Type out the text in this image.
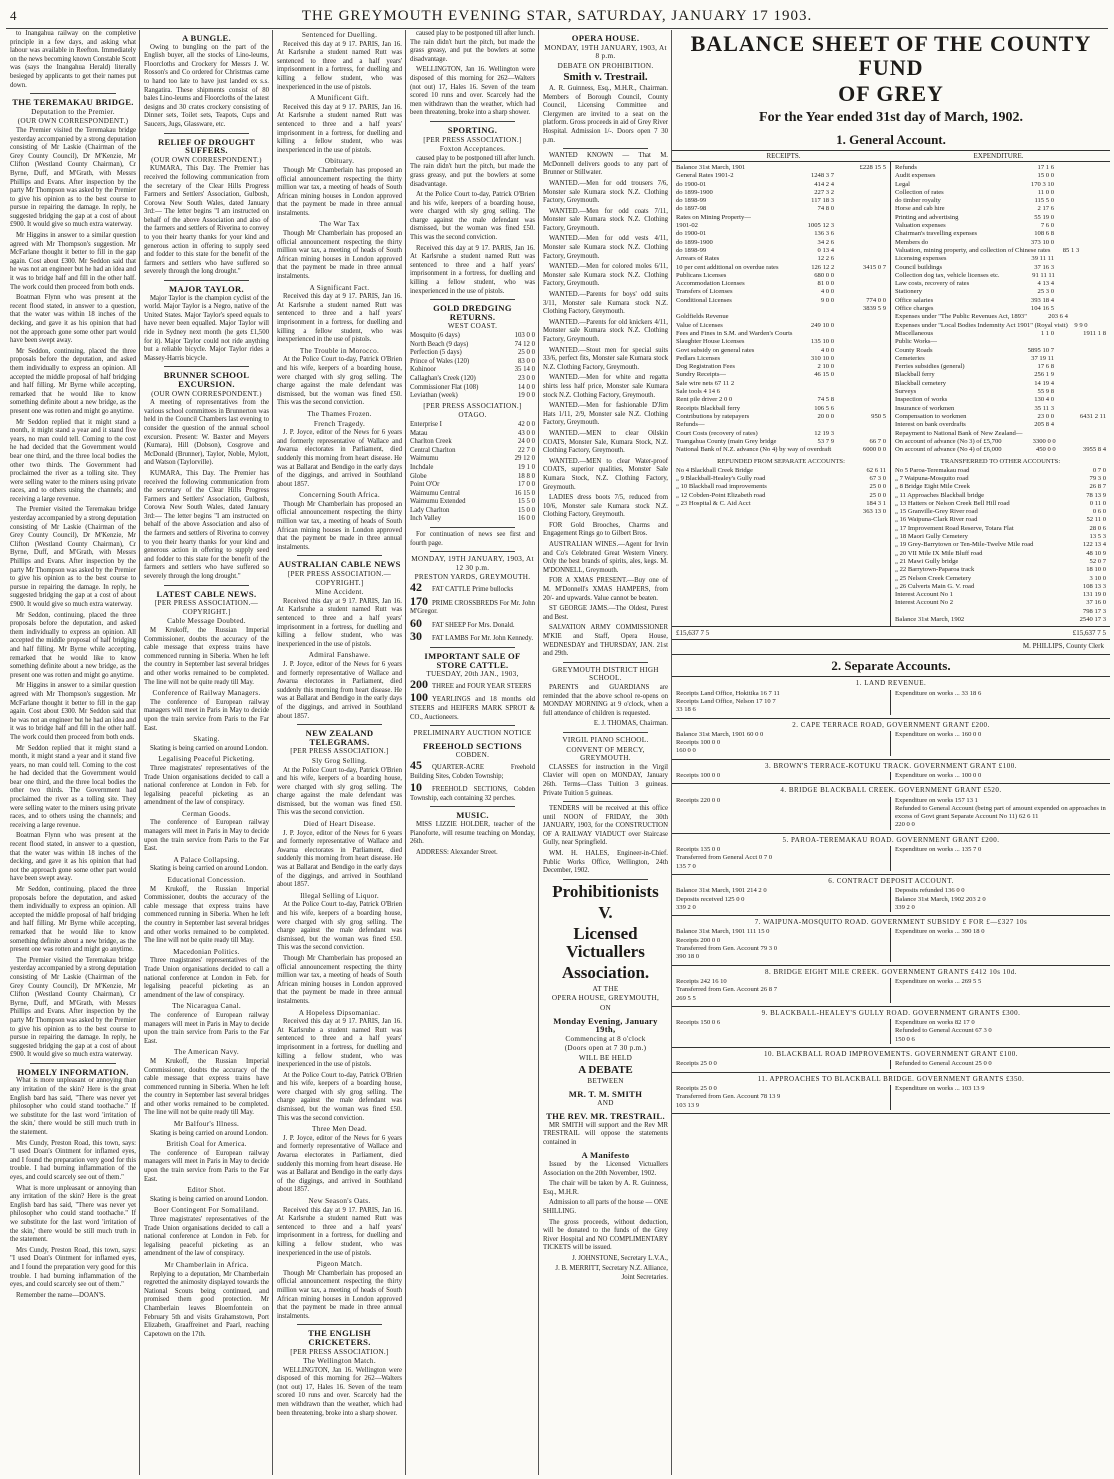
4	THE GREYMOUTH EVENING STAR, SATURDAY, JANUARY 17 1903.

to Inangahua railway on the completive principle in a few days, and asking what labour was available in Reefton. Immediately on the news becoming known Constable Scott was (says the Inangahua Herald) literally besieged by applicants to get their names put down.

THE TEREMAKAU BRIDGE.
Deputation to the Premier.
(OUR OWN CORRESPONDENT.)

The Premier visited the Teremakau bridge yesterday accompanied by a strong deputation consisting of Mr Laskie (Chairman of the Grey County Council), Dr M'Kenzie, Mr Clifton (Westland County Chairman), Cr Byrne, Duff, and M'Grath, with Messrs Phillips and Evans. After inspection by the party Mr Thompson was asked by the Premier to give his opinion as to the best course to pursue in repairing the damage. In reply, he suggested bridging the gap at a cost of about £900. It would give so much extra waterway.

Mr Higgins in answer to a similar question agreed with Mr Thompson's suggestion. Mr McFarlane thought it better to fill in the gap again. Cost about £300. Mr Seddon said that he was not an engineer but he had an idea and it was to bridge half and fill in the other half. The work could then proceed from both ends.

Boatman Flynn who was present at the recent flood stated, in answer to a question, that the water was within 18 inches of the decking, and gave it as his opinion that had not the approach gone some other part would have been swept away.

Mr Seddon, continuing, placed the three proposals before the deputation, and asked them individually to express an opinion. All accepted the middle proposal of half bridging and half filling. Mr Byrne while accepting, remarked that he would like to know something definite about a new bridge, as the present one was rotten and might go anytime.

Mr Seddon replied that it might stand a month, it might stand a year and it stand five years, no man could tell. Coming to the cost he had decided that the Government would bear one third, and the three local bodies the other two thirds. The Government had proclaimed the river as a tolling site. They were selling water to the miners using private races, and to others using the channels; and receiving a large revenue.

The Premier visited the Teremakau bridge yesterday accompanied by a strong deputation consisting of Mr Laskie (Chairman of the Grey County Council), Dr M'Kenzie, Mr Clifton (Westland County Chairman), Cr Byrne, Duff, and M'Grath, with Messrs Phillips and Evans. After inspection by the party Mr Thompson was asked by the Premier to give his opinion as to the best course to pursue in repairing the damage. In reply, he suggested bridging the gap at a cost of about £900. It would give so much extra waterway.

Mr Seddon, continuing, placed the three proposals before the deputation, and asked them individually to express an opinion. All accepted the middle proposal of half bridging and half filling. Mr Byrne while accepting, remarked that he would like to know something definite about a new bridge, as the present one was rotten and might go anytime.

Mr Higgins in answer to a similar question agreed with Mr Thompson's suggestion. Mr McFarlane thought it better to fill in the gap again. Cost about £300. Mr Seddon said that he was not an engineer but he had an idea and it was to bridge half and fill in the other half. The work could then proceed from both ends.

Mr Seddon replied that it might stand a month, it might stand a year and it stand five years, no man could tell. Coming to the cost he had decided that the Government would bear one third, and the three local bodies the other two thirds. The Government had proclaimed the river as a tolling site. They were selling water to the miners using private races, and to others using the channels; and receiving a large revenue.

Boatman Flynn who was present at the recent flood stated, in answer to a question, that the water was within 18 inches of the decking, and gave it as his opinion that had not the approach gone some other part would have been swept away.

Mr Seddon, continuing, placed the three proposals before the deputation, and asked them individually to express an opinion. All accepted the middle proposal of half bridging and half filling. Mr Byrne while accepting, remarked that he would like to know something definite about a new bridge, as the present one was rotten and might go anytime.

The Premier visited the Teremakau bridge yesterday accompanied by a strong deputation consisting of Mr Laskie (Chairman of the Grey County Council), Dr M'Kenzie, Mr Clifton (Westland County Chairman), Cr Byrne, Duff, and M'Grath, with Messrs Phillips and Evans. After inspection by the party Mr Thompson was asked by the Premier to give his opinion as to the best course to pursue in repairing the damage. In reply, he suggested bridging the gap at a cost of about £900. It would give so much extra waterway.

HOMELY INFORMATION.

What is more unpleasant or annoying than any irritation of the skin? Here is the great English bard has said, "There was never yet philosopher who could stand toothache." If we substitute for the last word 'irritation of the skin,' there would be still much truth in the statement.

Mrs Cundy, Preston Road, this town, says: "I used Doan's Ointment for inflamed eyes, and I found the preparation very good for this trouble. I had burning inflammation of the eyes, and could scarcely see out of them."

What is more unpleasant or annoying than any irritation of the skin? Here is the great English bard has said, "There was never yet philosopher who could stand toothache." If we substitute for the last word 'irritation of the skin,' there would be still much truth in the statement.

Mrs Cundy, Preston Road, this town, says: "I used Doan's Ointment for inflamed eyes, and I found the preparation very good for this trouble. I had burning inflammation of the eyes, and could scarcely see out of them."

Remember the name—DOAN'S.

A BUNGLE.

Owing to bungling on the part of the English buyer, all the stocks of Lino-leums, Floorcloths and Crockery for Messrs J. W. Rosson's and Co ordered for Christmas came to hand too late to have just landed ex s.s. Rangatira. These shipments consist of 80 bales Lino-leums and Floorcloths of the latest designs and 30 crates crockery consisting of Dinner sets, Toilet sets, Teapots, Cups and Saucers, Jugs, Glassware, etc.

RELIEF OF DROUGHT SUFFERS.
(OUR OWN CORRESPONDENT.)

KUMARA, This Day. The Premier has received the following communication from the secretary of the Clear Hills Progress Farmers and Settlers' Association, Gulbosh, Corowa New South Wales, dated January 3rd:— The letter begins "I am instructed on behalf of the above Association and also of the farmers and settlers of Riverina to convey to you their hearty thanks for your kind and generous action in offering to supply seed and fodder to this state for the benefit of the farmers and settlers who have suffered so severely through the long drought."

MAJOR TAYLOR.

Major Taylor is the champion cyclist of the world. Major Taylor is a Negro, native of the United States. Major Taylor's speed equals to have never been equalled. Major Taylor will ride in Sydney next month (he gets £1,500 for it). Major Taylor could not ride anything but a reliable bicycle. Major Taylor rides a Massey-Harris bicycle.

BRUNNER SCHOOL EXCURSION.
(OUR OWN CORRESPONDENT.)

A meeting of representatives from the various school committees in Brunnerton was held in the Council Chambers last evening to consider the question of the annual school excursion. Present: W. Baxter and Meyers (Kumara), Hill (Dobson), Cosgrove and McDonald (Brunner), Taylor, Noble, Mylott, and Watson (Taylorville).

KUMARA, This Day. The Premier has received the following communication from the secretary of the Clear Hills Progress Farmers and Settlers' Association, Gulbosh, Corowa New South Wales, dated January 3rd:— The letter begins "I am instructed on behalf of the above Association and also of the farmers and settlers of Riverina to convey to you their hearty thanks for your kind and generous action in offering to supply seed and fodder to this state for the benefit of the farmers and settlers who have suffered so severely through the long drought."

LATEST CABLE NEWS.
[PER PRESS ASSOCIATION.—COPYRIGHT.]
Cable Message Doubted.

M Krukoff, the Russian Imperial Commissioner, doubts the accuracy of the cable message that express trains have commenced running in Siberia. When he left the country in September last several bridges and other works remained to be completed. The line will not be quite ready till May.

Conference of Railway Managers.

The conference of European railway managers will meet in Paris in May to decide upon the train service from Paris to the Far East.

Skating.

Skating is being carried on around London.

Legalising Peaceful Picketing.

Three magistrates' representatives of the Trade Union organisations decided to call a national conference at London in Feb. for legalising peaceful picketing as an amendment of the law of conspiracy.

Cerman Goods.

The conference of European railway managers will meet in Paris in May to decide upon the train service from Paris to the Far East.

A Palace Collapsing.

Skating is being carried on around London.

Educational Concession.

M Krukoff, the Russian Imperial Commissioner, doubts the accuracy of the cable message that express trains have commenced running in Siberia. When he left the country in September last several bridges and other works remained to be completed. The line will not be quite ready till May.

Macedonian Politics.

Three magistrates' representatives of the Trade Union organisations decided to call a national conference at London in Feb. for legalising peaceful picketing as an amendment of the law of conspiracy.

The Nicaragua Canal.

The conference of European railway managers will meet in Paris in May to decide upon the train service from Paris to the Far East.

The American Navy.

M Krukoff, the Russian Imperial Commissioner, doubts the accuracy of the cable message that express trains have commenced running in Siberia. When he left the country in September last several bridges and other works remained to be completed. The line will not be quite ready till May.

Mr Balfour's Illness.

Skating is being carried on around London.

British Coal for America.

The conference of European railway managers will meet in Paris in May to decide upon the train service from Paris to the Far East.

Editor Shot.

Skating is being carried on around London.

Boer Contingent For Somaliland.

Three magistrates' representatives of the Trade Union organisations decided to call a national conference at London in Feb. for legalising peaceful picketing as an amendment of the law of conspiracy.

Mr Chamberlain in Africa.

Replying to a deputation, Mr Chamberlain regretted the animosity displayed towards the National Scouts being continued, and promised them good protection. Mr Chamberlain leaves Bloemfontein on February 5th and visits Grahamstown, Port Elizabeth, Graaffreinet and Paarl, reaching Capetown on the 17th.

Sentenced for Duelling.

Received this day at 9 17. PARIS, Jan 16. At Karlsruhe a student named Rutt was sentenced to three and a half years' imprisonment in a fortress, for duelling and killing a fellow student, who was inexperienced in the use of pistols.

A Munificent Gift.

Received this day at 9 17. PARIS, Jan 16. At Karlsruhe a student named Rutt was sentenced to three and a half years' imprisonment in a fortress, for duelling and killing a fellow student, who was inexperienced in the use of pistols.

Obituary.

Though Mr Chamberlain has proposed an official announcement respecting the thirty million war tax, a meeting of heads of South African mining houses in London approved that the payment be made in three annual instalments.

The War Tax

Though Mr Chamberlain has proposed an official announcement respecting the thirty million war tax, a meeting of heads of South African mining houses in London approved that the payment be made in three annual instalments.

A Significant Fact.

Received this day at 9 17. PARIS, Jan 16. At Karlsruhe a student named Rutt was sentenced to three and a half years' imprisonment in a fortress, for duelling and killing a fellow student, who was inexperienced in the use of pistols.

The Trouble in Morocco.

At the Police Court to-day, Patrick O'Brien and his wife, keepers of a boarding house, were charged with sly grog selling. The charge against the male defendant was dismissed, but the woman was fined £50. This was the second conviction.

The Thames Frozen.
French Tragedy.

J. P. Joyce, editor of the News for 6 years and formerly representative of Wallace and Awarua electorates in Parliament, died suddenly this morning from heart disease. He was at Ballarat and Bendigo in the early days of the diggings, and arrived in Southland about 1857.

Concerning South Africa.

Though Mr Chamberlain has proposed an official announcement respecting the thirty million war tax, a meeting of heads of South African mining houses in London approved that the payment be made in three annual instalments.

AUSTRALIAN CABLE NEWS
[PER PRESS ASSOCIATION.—COPYRIGHT.]
Mine Accident.

Received this day at 9 17. PARIS, Jan 16. At Karlsruhe a student named Rutt was sentenced to three and a half years' imprisonment in a fortress, for duelling and killing a fellow student, who was inexperienced in the use of pistols.

Admiral Fanshawe.

J. P. Joyce, editor of the News for 6 years and formerly representative of Wallace and Awarua electorates in Parliament, died suddenly this morning from heart disease. He was at Ballarat and Bendigo in the early days of the diggings, and arrived in Southland about 1857.

NEW ZEALAND TELEGRAMS.
[PER PRESS ASSOCIATION.]
Sly Grog Selling.

At the Police Court to-day, Patrick O'Brien and his wife, keepers of a boarding house, were charged with sly grog selling. The charge against the male defendant was dismissed, but the woman was fined £50. This was the second conviction.

Died of Heart Disease.

J. P. Joyce, editor of the News for 6 years and formerly representative of Wallace and Awarua electorates in Parliament, died suddenly this morning from heart disease. He was at Ballarat and Bendigo in the early days of the diggings, and arrived in Southland about 1857.

Illegal Selling of Liquor.

At the Police Court to-day, Patrick O'Brien and his wife, keepers of a boarding house, were charged with sly grog selling. The charge against the male defendant was dismissed, but the woman was fined £50. This was the second conviction.

Though Mr Chamberlain has proposed an official announcement respecting the thirty million war tax, a meeting of heads of South African mining houses in London approved that the payment be made in three annual instalments.

A Hopeless Dipsomaniac.

Received this day at 9 17. PARIS, Jan 16. At Karlsruhe a student named Rutt was sentenced to three and a half years' imprisonment in a fortress, for duelling and killing a fellow student, who was inexperienced in the use of pistols.

At the Police Court to-day, Patrick O'Brien and his wife, keepers of a boarding house, were charged with sly grog selling. The charge against the male defendant was dismissed, but the woman was fined £50. This was the second conviction.

Three Men Dead.

J. P. Joyce, editor of the News for 6 years and formerly representative of Wallace and Awarua electorates in Parliament, died suddenly this morning from heart disease. He was at Ballarat and Bendigo in the early days of the diggings, and arrived in Southland about 1857.

New Season's Oats.

Received this day at 9 17. PARIS, Jan 16. At Karlsruhe a student named Rutt was sentenced to three and a half years' imprisonment in a fortress, for duelling and killing a fellow student, who was inexperienced in the use of pistols.

Pigeon Match.

Though Mr Chamberlain has proposed an official announcement respecting the thirty million war tax, a meeting of heads of South African mining houses in London approved that the payment be made in three annual instalments.

THE ENGLISH CRICKETERS.
[PER PRESS ASSOCIATION.]
The Wellington Match.

WELLINGTON, Jan 16. Wellington were disposed of this morning for 262—Walters (not out) 17, Hales 16. Seven of the team scored 10 runs and over. Scarcely had the men withdrawn than the weather, which had been threatening, broke into a sharp shower.

caused play to be postponed till after lunch. The rain didn't hurt the pitch, but made the grass greasy, and put the bowlers at some disadvantage.

WELLINGTON, Jan 16. Wellington were disposed of this morning for 262—Walters (not out) 17, Hales 16. Seven of the team scored 10 runs and over. Scarcely had the men withdrawn than the weather, which had been threatening, broke into a sharp shower.

SPORTING.
[PER PRESS ASSOCIATION.]
Foxton Acceptances.

caused play to be postponed till after lunch. The rain didn't hurt the pitch, but made the grass greasy, and put the bowlers at some disadvantage.

At the Police Court to-day, Patrick O'Brien and his wife, keepers of a boarding house, were charged with sly grog selling. The charge against the male defendant was dismissed, but the woman was fined £50. This was the second conviction.

Received this day at 9 17. PARIS, Jan 16. At Karlsruhe a student named Rutt was sentenced to three and a half years' imprisonment in a fortress, for duelling and killing a fellow student, who was inexperienced in the use of pistols.

GOLD DREDGING RETURNS.
WEST COAST.
Mosquito (6 days)	103 0 0
North Beach (9 days)	74 12 0
Perfection (5 days)	25 0 0
Prince of Wales (120)	83 0 0
Kohinoor	35 14 0
Callaghan's Creek (120)	23 0 0
Commissioner Flat (108)	14 0 0
Leviathan (week)	19 0 0
[PER PRESS ASSOCIATION.]
OTAGO.
Enterprise I	42 0 0
Matau	43 0 0
Charlton Creek	24 0 0
Central Charlton	22 7 0
Waimumu	29 12 0
Inchdale	19 1 0
Globe	18 8 0
Point O'Or	17 0 0
Waimumu Central	16 15 0
Waimumu Extended	15 5 0
Lady Charlton	15 0 0
Inch Valley	16 0 0

For continuation of news see first and fourth page.

MONDAY, 19TH JANUARY, 1903, At 12 30 p.m.
PRESTON YARDS, GREYMOUTH.

42 FAT CATTLE Prime bullocks

170 PRIME CROSSBREDS For Mr. John M'Gregor.

60 FAT SHEEP For Mrs. Donald.

30 FAT LAMBS For Mr. John Kennedy.

IMPORTANT SALE OF STORE CATTLE.
TUESDAY, 20th JAN., 1903,

200 THREE and FOUR YEAR STEERS

100 YEARLINGS and 18 months old STEERS and HEIFERS MARK SPROT & CO., Auctioneers.

PRELIMINARY AUCTION NOTICE
FREEHOLD SECTIONS
COBDEN.

45 QUARTER-ACRE Freehold Building Sites, Cobden Township;

10 FREEHOLD SECTIONS, Cobden Township, each containing 32 perches.

MUSIC.

MISS LIZZIE HOLDER, teacher of the Pianoforte, will resume teaching on Monday, 26th.

ADDRESS: Alexander Street.

OPERA HOUSE.
MONDAY, 19TH JANUARY, 1903, At 8 p.m.
DEBATE ON PROHIBITION.
Smith v. Trestrail.

A. R. Guinness, Esq., M.H.R., Chairman. Members of Borough Council, County Council, Licensing Committee and Clergymen are invited to a seat on the platform. Gross proceeds in aid of Grey River Hospital. Admission 1/-. Doors open 7 30 p.m.

WANTED KNOWN — That M. McDonnell delivers goods to any part of Brunner or Stillwater.

WANTED.—Men for odd trousers 7/6, Monster sale Kumara stock N.Z. Clothing Factory, Greymouth.

WANTED.—Men for odd coats 7/11, Monster sale Kumara stock N.Z. Clothing Factory, Greymouth.

WANTED.—Men for odd vests 4/11, Monster sale Kumara stock N.Z. Clothing Factory, Greymouth.

WANTED.—Men for colored moles 6/11, Monster sale Kumara stock N.Z. Clothing Factory, Greymouth.

WANTED.—Parents for boys' odd suits 3/11, Monster sale Kumara stock N.Z. Clothing Factory, Greymouth.

WANTED.—Parents for old knickers 4/11, Monster sale Kumara stock N.Z. Clothing Factory, Greymouth.

WANTED.—Stout men for special suits 33/6, perfect fits, Monster sale Kumara stock N.Z. Clothing Factory, Greymouth.

WANTED.—Men for white and regatta shirts less half price, Monster sale Kumara stock N.Z. Clothing Factory, Greymouth.

WANTED.—Men for fashionable D'Jim Hats 1/11, 2/9, Monster sale N.Z. Clothing Factory, Greymouth.

WANTED.—MEN to clear Oilskin COATS, Monster Sale, Kumara Stock, N.Z. Clothing Factory, Greymouth.

WANTED.—MEN to clear Water-proof COATS, superior qualities, Monster Sale Kumara Stock, N.Z. Clothing Factory, Greymouth.

LADIES dress boots 7/5, reduced from 10/6, Monster sale Kumara stock N.Z. Clothing Factory, Greymouth.

FOR Gold Brooches, Charms and Engagement Rings go to Gilbert Bros.

AUSTRALIAN WINES.—Agent for Irvin and Co's Celebrated Great Western Vinery. Only the best brands of spirits, ales, kegs. M. M'DONNELL, Greymouth.

FOR A XMAS PRESENT.—Buy one of M. M'Donnell's XMAS HAMPERS, from 20/- and upwards. Value cannot be beaten.

ST GEORGE JAMS.—The Oldest, Purest and Best.

SALVATION ARMY COMMISSIONER M'KIE and Staff, Opera House, WEDNESDAY and THURSDAY, JAN. 21st and 29th.

GREYMOUTH DISTRICT HIGH SCHOOL.

PARENTS and GUARDIANS are reminded that the above school re-opens on MONDAY MORNING at 9 o'clock, when a full attendance of children is requested.

E. J. THOMAS, Chairman.

VIRGIL PIANO SCHOOL.
CONVENT OF MERCY, GREYMOUTH.

CLASSES for instruction in the Virgil Clavier will open on MONDAY, January 26th. Terms—Class Tuition 3 guineas. Private Tuition 5 guineas.

TENDERS will be received at this office until NOON of FRIDAY, the 30th JANUARY, 1903, for the CONSTRUCTION OF A RAILWAY VIADUCT over Staircase Gully, near Springfield.

WM. H. HALES, Engineer-in-Chief. Public Works Office, Wellington, 24th December, 1902.

Prohibitionists
V.
Licensed Victuallers
Association.
AT THE
OPERA HOUSE, GREYMOUTH,
ON
Monday Evening, January 19th,
Commencing at 8 o'clock
(Doors open at 7 30 p.m.)
WILL BE HELD
A DEBATE
BETWEEN
MR. T. M. SMITH
AND
THE REV. MR. TRESTRAIL.

MR SMITH will support and the Rev MR TRESTRAIL will oppose the statements contained in

A Manifesto

Issued by the Licensed Victuallers Association on the 20th November, 1902.

The chair will be taken by A. R. Guinness, Esq., M.H.R.

Admission to all parts of the house — ONE SHILLING.

The gross proceeds, without deduction, will be donated to the funds of the Grey River Hospital and NO COMPLIMENTARY TICKETS will be issued.

J. JOHNSTONE, Secretary L.V.A.,

J. B. MERRITT, Secretary N.Z. Alliance, Joint Secretaries.

BALANCE SHEET OF THE COUNTY FUND
OF GREY
For the Year ended 31st day of March, 1902.
1. General Account.
RECEIPTS.	EXPENDITURE.
Balance 31st March, 1901	£228 15 5
General Rates 1901-2	1248 3 7
do 1900-01	414 2 4
do 1899-1900	227 3 2
do 1898-99	117 18 3
do 1897-98	74 8 0
Rates on Mining Property—
1901-02	1005 12 3
do 1900-01	136 3 6
do 1899-1900	34 2 6
do 1898-99	0 13 4
Arrears of Rates	12 2 6
10 per cent additional on overdue rates	126 12 2	3415 0 7
Publicans Licenses	680 0 0
Accommodation Licenses	81 0 0
Transfers of Licenses	4 0 0
Conditional Licenses	9 0 0	774 0 0
3839 5 9
Goldfields Revenue
Value of Licenses	249 10 0
Fees and Fines in S.M. and Warden's Courts
Slaughter House Licenses	135 10 0
Govt subsidy on general rates	4 0 0
Pedlars Licenses	310 10 0
Dog Registration Fees	2 10 0
Sundry Receipts—	46 15 0
Sale wire nets 67 11 2
Sale tools 4 14 6
Rent pile driver 2 0 0	74 5 8
Receipts Blackball ferry	106 5 6
Contributions by ratepayers	20 0 0	950 5
Refunds—
Court Costs (recovery of rates)	12 19 3
Tuangahua County (main Grey bridge	53 7 9	66 7 0
National Bank of N.Z. advance (No 4) by way of overdraft	6000 0 0
Refunds	17 1 6
Audit expenses	15 0 0
Legal	170 3 10
Collection of rates	11 0 0
do timber royalty	115 5 0
Horse and cab hire	2 17 6
Printing and advertising	55 19 0
Valuation expenses	7 6 0
Chairman's travelling expenses	108 6 8
Members do	373 10 0
Valuation, mining property, and collection of Chinese rates	85 1 3
Licensing expenses	39 11 11
Council buildings	37 16 3
Collection dog tax, vehicle licenses etc.	91 11 11
Law costs, recovery of rates	4 13 4
Stationery	25 3 0
Office salaries	393 18 4
Office charges	104 16 5
Expenses under "The Public Revenues Act, 1893"	203 6 4
Expenses under "Local Bodies Indemnity Act 1901" (Royal visit)	9 9 0
Miscellaneous	1 1 0	1911 1 8
Public Works—
County Roads	5895 10 7
Cemeteries	37 19 11
Ferries subsidies (general)	17 6 8
Blackball ferry	256 1 9
Blackball cemetery	14 19 4
Surveys	55 9 8
Inspection of works	130 4 0
Insurance of workmen	35 11 3
Compensation to workmen	23 0 0	6431 2 11
Interest on bank overdrafts	205 8 4
Repayment to National Bank of New Zealand—
On account of advance (No 3) of £5,700	3300 0 0
On account of advance (No 4) of £6,000	450 0 0	3955 8 4
REFUNDED FROM SEPARATE ACCOUNTS:
No 4 Blackball Creek Bridge	62 6 11
„ 9 Blackball-Healey's Gully road	67 3 0
„ 10 Blackball road improvements	25 0 0
„ 12 Cobden-Point Elizabeth road	25 0 0
„ 23 Hospital & C. Aid Acct	184 3 1
363 13 0
TRANSFERRED TO OTHER ACCOUNTS:
No 5 Paroa-Teremakau road	0 7 0
„ 7 Waipuna-Mosquito road	79 3 0
„ 8 Bridge Eight Mile Creek	26 8 7
„ 11 Approaches Blackball bridge	78 13 9
„ 13 Hatters or Nelson Creek Bell Hill road	0 11 0
„ 15 Granville-Grey River road	0 6 0
„ 16 Waipuna-Clark River road	52 11 0
„ 17 Improvement Road Reserve, Totara Flat	28 0 6
„ 18 Maori Gully Cemetery	13 5 3
„ 19 Grey-Barrytown or Ten-Mile-Twelve Mile road	122 13 4
„ 20 VII Mile IX Mile Bluff road	48 10 9
„ 21 Mawi Gully bridge	52 0 7
„ 22 Barrytown-Paparoa track	18 10 0
„ 25 Nelson Creek Cemetery	3 10 0
„ 26 Culverts Main G. V. road	108 13 3
Interest Account No 1	131 19 0
Interest Account No 2	37 16 0
798 17 3
Balance 31st March, 1902	2540 17 3
£15,637 7 5	£15,637 7 5
M. PHILLIPS, County Clerk
2. Separate Accounts.
1. LAND REVENUE.
Receipts Land Office, Hokitika 16 7 11
Receipts Land Office, Nelson 17 10 7
33 18 6
Expenditure on works ... 33 18 6
2. CAPE TERRACE ROAD, GOVERNMENT GRANT £200.
Balance 31st March, 1901 60 0 0
Receipts 100 0 0
160 0 0
Expenditure on works ... 160 0 0
3. BROWN'S TERRACE-KOTUKU TRACK. GOVERNMENT GRANT £100.
Receipts 100 0 0	Expenditure on works ... 100 0 0
4. BRIDGE BLACKBALL CREEK. GOVERNMENT GRANT £520.
Receipts 220 0 0	Expenditure on works 157 13 1
Refunded to General Account (being part of amount expended on approaches in excess of Govt grant Separate Account No 11) 62 6 11
220 0 0
5. PAROA-TEREMAKAU ROAD. GOVERNMENT GRANT £200.
Receipts 135 0 0
Transferred from General Acct 0 7 0
135 7 0
Expenditure on works ... 135 7 0
6. CONTRACT DEPOSIT ACCOUNT.
Balance 31st March, 1901 214 2 0
Deposits received 125 0 0
339 2 0
Deposits refunded 136 0 0
Balance 31st March, 1902 203 2 0
339 2 0
7. WAIPUNA-MOSQUITO ROAD. GOVERNMENT SUBSIDY £ FOR £—£327 10s
Balance 31st March, 1901 111 15 0
Receipts 200 0 0
Transferred from Gen. Account 79 3 0
390 18 0
Expenditure on works ... 390 18 0
8. BRIDGE EIGHT MILE CREEK. GOVERNMENT GRANTS £412 10s 10d.
Receipts 242 16 10
Transferred from Gen. Account 26 8 7
269 5 5
Expenditure on works ... 269 5 5
9. BLACKBALL-HEALEY'S GULLY ROAD. GOVERNMENT GRANTS £300.
Receipts 150 0 6	Expenditure on works 82 17 0
Refunded to General Account 67 3 0
150 0 6
10. BLACKBALL ROAD IMPROVEMENTS. GOVERNMENT GRANT £100.
Receipts 25 0 0	Refunded to General Account 25 0 0
11. APPROACHES TO BLACKBALL BRIDGE. GOVERNMENT GRANTS £350.
Receipts 25 0 0
Transferred from Gen. Account 78 13 9
103 13 9
Expenditure on works ... 103 13 9
